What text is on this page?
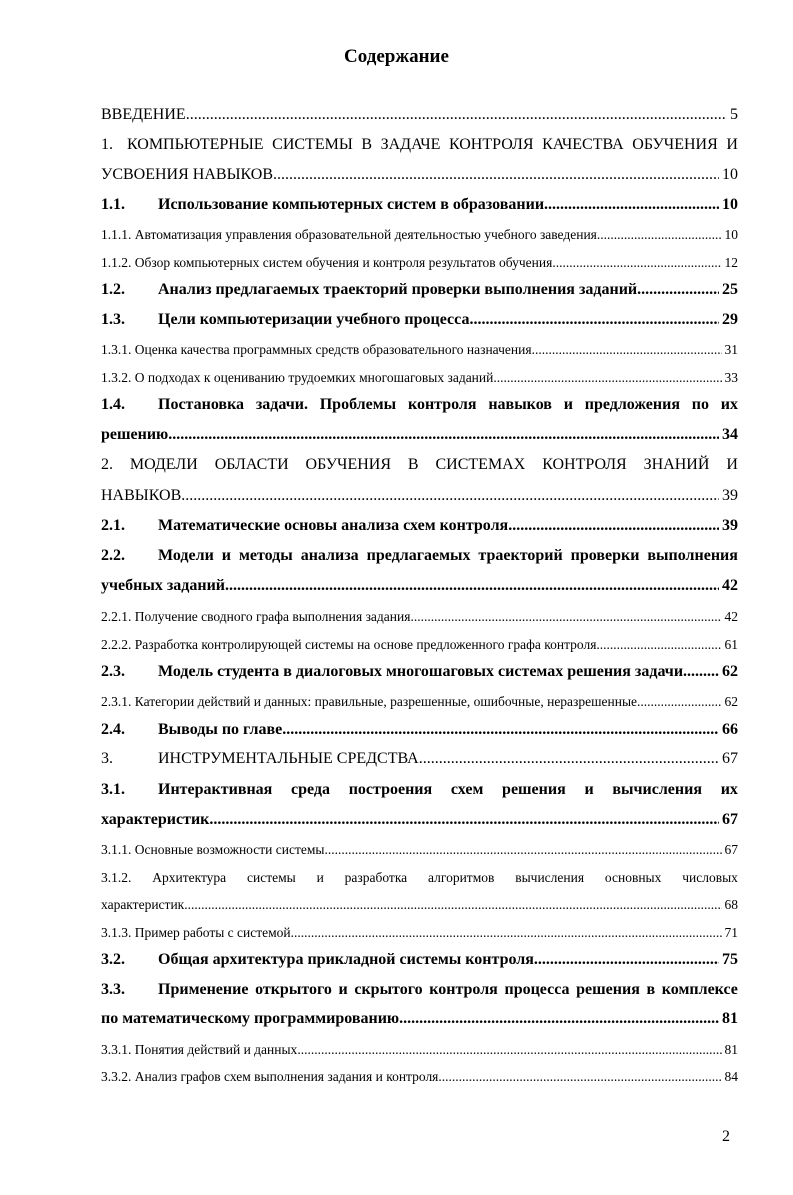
Содержание
ВВЕДЕНИЕ .....	5
1. КОМПЬЮТЕРНЫЕ СИСТЕМЫ В ЗАДАЧЕ КОНТРОЛЯ КАЧЕСТВА ОБУЧЕНИЯ И
УСВОЕНИЯ НАВЫКОВ .....	10
1.1.	Использование компьютерных систем в образовании .....	10
1.1.1. Автоматизация управления образовательной деятельностью учебного заведения .....	10
1.1.2. Обзор компьютерных систем обучения и контроля результатов обучения .....	12
1.2.	Анализ предлагаемых траекторий проверки выполнения заданий .....	25
1.3.	Цели компьютеризации учебного процесса .....	29
1.3.1. Оценка качества программных средств образовательного назначения .....	31
1.3.2. О подходах к оцениванию трудоемких многошаговых заданий .....	33
1.4.	Постановка задачи. Проблемы контроля навыков и предложения по их
решению .....	34
2. МОДЕЛИ ОБЛАСТИ ОБУЧЕНИЯ В СИСТЕМАХ КОНТРОЛЯ ЗНАНИЙ И
НАВЫКОВ .....	39
2.1.	Математические основы анализа схем контроля .....	39
2.2.	Модели и методы анализа предлагаемых траекторий проверки выполнения
учебных заданий .....	42
2.2.1. Получение сводного графа выполнения задания .....	42
2.2.2. Разработка контролирующей системы на основе предложенного графа контроля .....	61
2.3.	Модель студента в диалоговых многошаговых системах решения задачи ..... 62
2.3.1. Категории действий и данных: правильные, разрешенные, ошибочные, неразрешенные .....	62
2.4.	Выводы по главе .....	66
3.	ИНСТРУМЕНТАЛЬНЫЕ СРЕДСТВА .....	67
3.1.	Интерактивная среда построения схем решения и вычисления их
характеристик .....	67
3.1.1. Основные возможности системы .....	67
3.1.2. Архитектура системы и разработка алгоритмов вычисления основных числовых
характеристик .....	68
3.1.3. Пример работы с системой .....	71
3.2.	Общая архитектура прикладной системы контроля .....	75
3.3.	Применение открытого и скрытого контроля процесса решения в комплексе
по математическому программированию .....	81
3.3.1. Понятия действий и данных .....	81
3.3.2. Анализ графов схем выполнения задания и контроля .....	84
2
